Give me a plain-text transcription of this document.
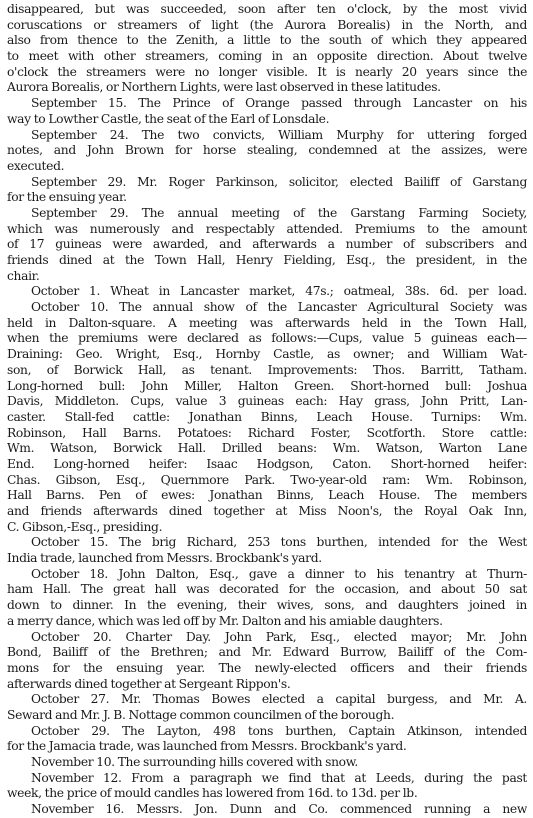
disappeared, but was succeeded, soon after ten o'clock, by the most vivid
coruscations or streamers of light (the Aurora Borealis) in the North, and
also from thence to the Zenith, a little to the south of which they appeared
to meet with other streamers, coming in an opposite direction. About twelve
o'clock the streamers were no longer visible. It is nearly 20 years since the
Aurora Borealis, or Northern Lights, were last observed in these latitudes.
September 15. The Prince of Orange passed through Lancaster on his
way to Lowther Castle, the seat of the Earl of Lonsdale.
September 24. The two convicts, William Murphy for uttering forged
notes, and John Brown for horse stealing, condemned at the assizes, were
executed.
September 29. Mr. Roger Parkinson, solicitor, elected Bailiff of Garstang
for the ensuing year.
September 29. The annual meeting of the Garstang Farming Society,
which was numerously and respectably attended. Premiums to the amount
of 17 guineas were awarded, and afterwards a number of subscribers and
friends dined at the Town Hall, Henry Fielding, Esq., the president, in the
chair.
October 1. Wheat in Lancaster market, 47s.; oatmeal, 38s. 6d. per load.
October 10. The annual show of the Lancaster Agricultural Society was
held in Dalton-square. A meeting was afterwards held in the Town Hall,
when the premiums were declared as follows:—Cups, value 5 guineas each—
Draining: Geo. Wright, Esq., Hornby Castle, as owner; and William Wat-
son, of Borwick Hall, as tenant. Improvements: Thos. Barritt, Tatham.
Long-horned bull: John Miller, Halton Green. Short-horned bull: Joshua
Davis, Middleton. Cups, value 3 guineas each: Hay grass, John Pritt, Lan-
caster. Stall-fed cattle: Jonathan Binns, Leach House. Turnips: Wm.
Robinson, Hall Barns. Potatoes: Richard Foster, Scotforth. Store cattle:
Wm. Watson, Borwick Hall. Drilled beans: Wm. Watson, Warton Lane
End. Long-horned heifer: Isaac Hodgson, Caton. Short-horned heifer:
Chas. Gibson, Esq., Quernmore Park. Two-year-old ram: Wm. Robinson,
Hall Barns. Pen of ewes: Jonathan Binns, Leach House. The members
and friends afterwards dined together at Miss Noon's, the Royal Oak Inn,
C. Gibson,-Esq., presiding.
October 15. The brig Richard, 253 tons burthen, intended for the West
India trade, launched from Messrs. Brockbank's yard.
October 18. John Dalton, Esq., gave a dinner to his tenantry at Thurn-
ham Hall. The great hall was decorated for the occasion, and about 50 sat
down to dinner. In the evening, their wives, sons, and daughters joined in
a merry dance, which was led off by Mr. Dalton and his amiable daughters.
October 20. Charter Day. John Park, Esq., elected mayor; Mr. John
Bond, Bailiff of the Brethren; and Mr. Edward Burrow, Bailiff of the Com-
mons for the ensuing year. The newly-elected officers and their friends
afterwards dined together at Sergeant Rippon's.
October 27. Mr. Thomas Bowes elected a capital burgess, and Mr. A.
Seward and Mr. J. B. Nottage common councilmen of the borough.
October 29. The Layton, 498 tons burthen, Captain Atkinson, intended
for the Jamacia trade, was launched from Messrs. Brockbank's yard.
November 10. The surrounding hills covered with snow.
November 12. From a paragraph we find that at Leeds, during the past
week, the price of mould candles has lowered from 16d. to 13d. per lb.
November 16. Messrs. Jon. Dunn and Co. commenced running a new
